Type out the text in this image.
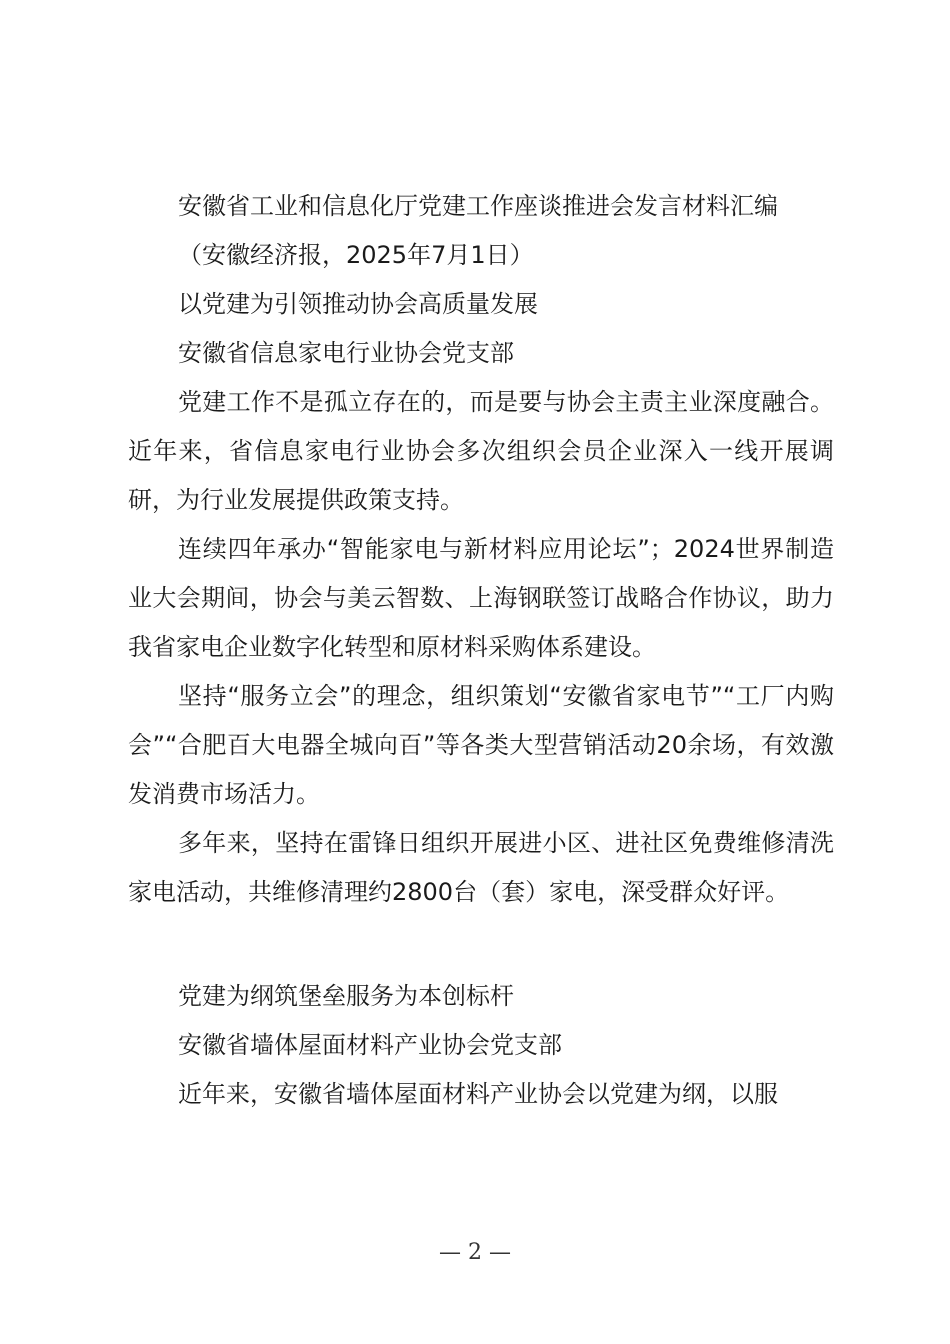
安徽省工业和信息化厅党建工作座谈推进会发言材料汇编

（安徽经济报，2025年7月1日）

以党建为引领推动协会高质量发展

安徽省信息家电行业协会党支部

党建工作不是孤立存在的，而是要与协会主责主业深度融合。近年来，省信息家电行业协会多次组织会员企业深入一线开展调研，为行业发展提供政策支持。

连续四年承办“智能家电与新材料应用论坛”；2024世界制造业大会期间，协会与美云智数、上海钢联签订战略合作协议，助力我省家电企业数字化转型和原材料采购体系建设。

坚持“服务立会”的理念，组织策划“安徽省家电节”“工厂内购会”“合肥百大电器全城向百”等各类大型营销活动20余场，有效激发消费市场活力。

多年来，坚持在雷锋日组织开展进小区、进社区免费维修清洗家电活动，共维修清理约2800台（套）家电，深受群众好评。

党建为纲筑堡垒服务为本创标杆

安徽省墙体屋面材料产业协会党支部

近年来，安徽省墙体屋面材料产业协会以党建为纲，以服

— 2 —
